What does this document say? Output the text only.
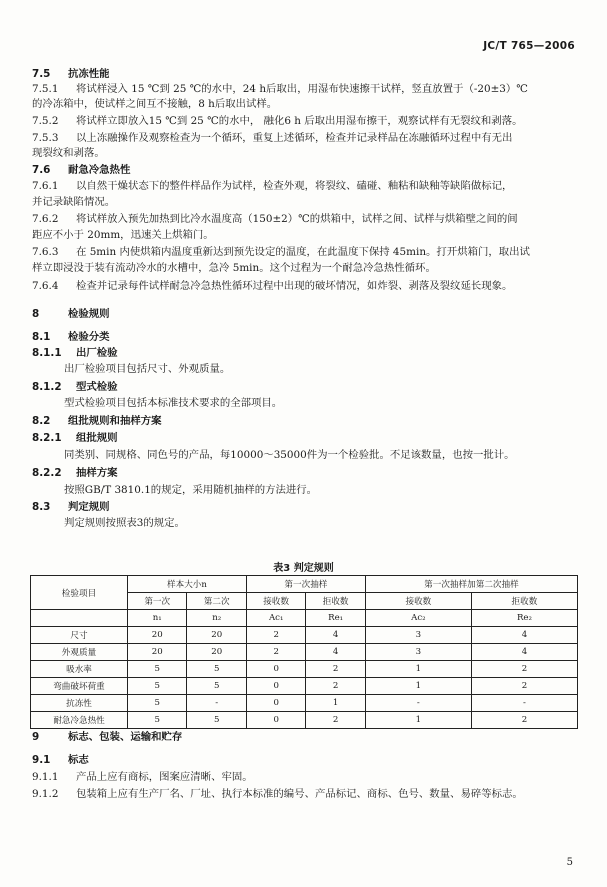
JC/T 765—2006
7.5 抗冻性能
7.5.1 将试样浸入 15 ℃到 25 ℃的水中，24 h后取出，用湿布快速擦干试样，竖直放置于（-20±3）℃
的冷冻箱中，使试样之间互不接触，8 h后取出试样。
7.5.2 将试样立即放入15 ℃到 25 ℃的水中， 融化6 h 后取出用湿布擦干，观察试样有无裂纹和剥落。
7.5.3 以上冻融操作及观察检查为一个循环，重复上述循环，检查并记录样品在冻融循环过程中有无出
现裂纹和剥落。
7.6 耐急冷急热性
7.6.1 以自然干燥状态下的整件样品作为试样，检查外观，将裂纹、磕碰、釉粘和缺釉等缺陷做标记，
并记录缺陷情况。
7.6.2 将试样放入预先加热到比冷水温度高（150±2）℃的烘箱中，试样之间、试样与烘箱壁之间的间
距应不小于 20mm，迅速关上烘箱门。
7.6.3 在 5min 内使烘箱内温度重新达到预先设定的温度，在此温度下保持 45min。打开烘箱门，取出试
样立即浸没于装有流动冷水的水槽中，急冷 5min。这个过程为一个耐急冷急热性循环。
7.6.4 检查并记录每件试样耐急冷急热性循环过程中出现的破坏情况，如炸裂、剥落及裂纹延长现象。
8	检验规则
8.1 检验分类
8.1.1 出厂检验
出厂检验项目包括尺寸、外观质量。
8.1.2 型式检验
型式检验项目包括本标准技术要求的全部项目。
8.2 组批规则和抽样方案
8.2.1 组批规则
同类别、同规格、同色号的产品，每10000～35000件为一个检验批。不足该数量，也按一批计。
8.2.2 抽样方案
按照GB/T 3810.1的规定，采用随机抽样的方法进行。
8.3 判定规则
判定规则按照表3的规定。
9	标志、包装、运输和贮存
9.1 标志
9.1.1 产品上应有商标，图案应清晰、牢固。
9.1.2 包装箱上应有生产厂名、厂址、执行本标准的编号、产品标记、商标、色号、数量、易碎等标志。
表3 判定规则
检验项目	样本大小n		第一次抽样		第一次抽样加第二次抽样	
	第一次	第二次	接收数	拒收数	接收数	拒收数
	n₁	n₂	Ac₁	Re₁	Ac₂	Re₂
尺寸	20	20	2	4	3	4
外观质量	20	20	2	4	3	4
吸水率	5	5	0	2	1	2
弯曲破坏荷重	5	5	0	2	1	2
抗冻性	5	-	0	1	-	-
耐急冷急热性	5	5	0	2	1	2
5
